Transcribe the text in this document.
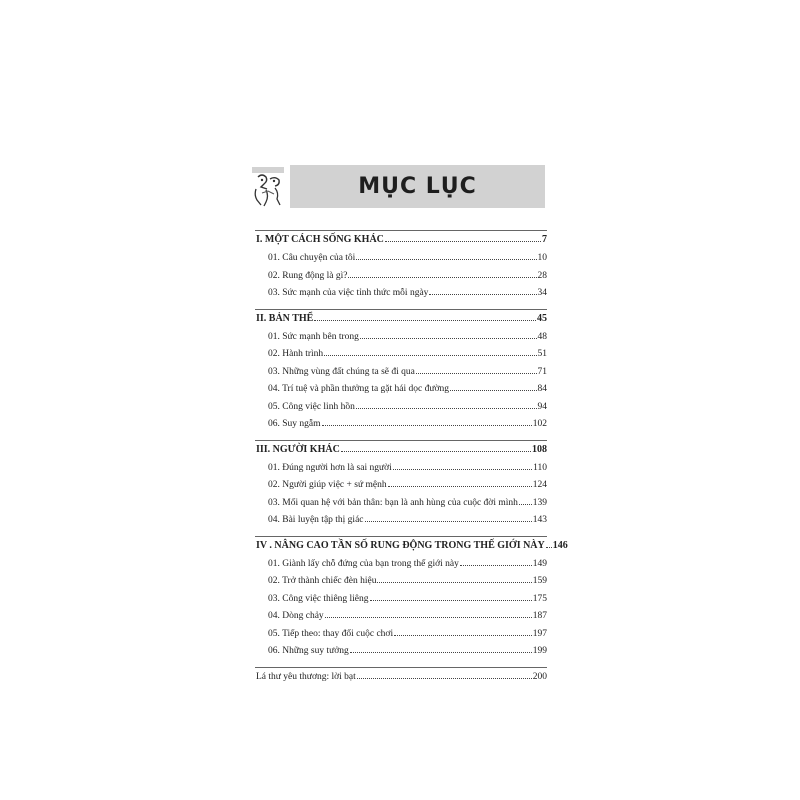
MỤC LỤC
I. MỘT CÁCH SỐNG KHÁC	7
01. Câu chuyện của tôi	10
02. Rung động là gì?	28
03. Sức mạnh của việc tỉnh thức mỗi ngày	34
II. BẢN THỂ	45
01. Sức mạnh bên trong	48
02. Hành trình	51
03. Những vùng đất chúng ta sẽ đi qua	71
04. Trí tuệ và phần thưởng ta gặt hái dọc đường	84
05. Công việc linh hồn	94
06. Suy ngẫm	102
III. NGƯỜI KHÁC	108
01. Đúng người hơn là sai người	110
02. Người giúp việc + sứ mệnh	124
03. Mối quan hệ với bản thân: bạn là anh hùng của cuộc đời mình 139
04. Bài luyện tập thị giác	143
IV . NÂNG CAO TẦN SỐ RUNG ĐỘNG TRONG THẾ GIỚI NÀY 146
01. Giành lấy chỗ đứng của bạn trong thế giới này	149
02. Trở thành chiếc đèn hiệu	159
03. Công việc thiêng liêng	175
04. Dòng chảy	187
05. Tiếp theo: thay đổi cuộc chơi	197
06. Những suy tưởng	199
Lá thư yêu thương: lời bạt	200
